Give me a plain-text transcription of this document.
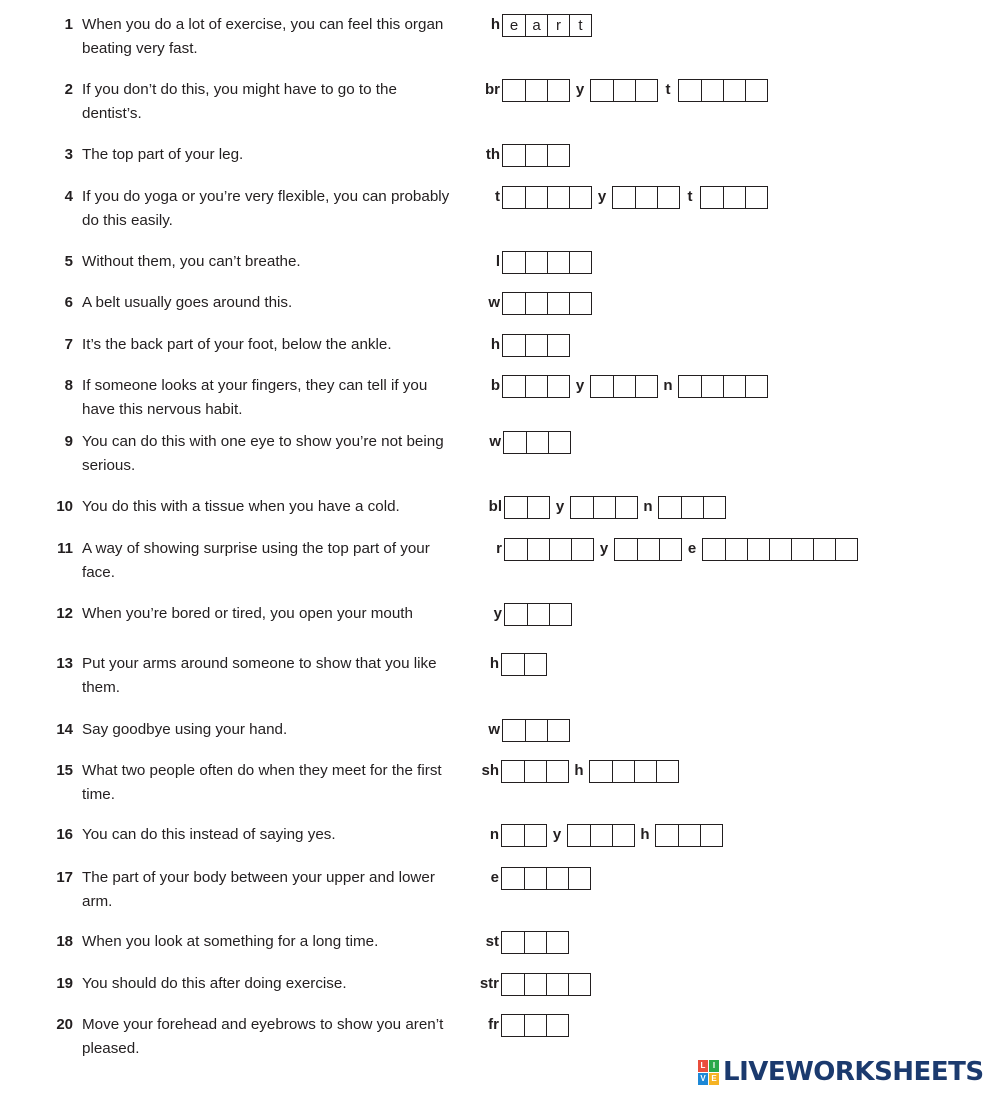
1 When you do a lot of exercise, you can feel this organ beating very fast.
h e a	r	t
2 If you don’t do this, you might have to go to the dentist’s.
br	y	t
3 The top part of your leg.	th
4 If you do yoga or you’re very flexible, you can probably do this easily.
t	y	t
5 Without them, you can’t breathe.	l
6 A belt usually goes around this.	w
7 It’s the back part of your foot, below the ankle.	h
8 If someone looks at your fingers, they can tell if you have this nervous habit.
b	y	n
9 You can do this with one eye to show you’re not being serious.
w
10 You do this with a tissue when you have a cold.	bl	y	n
11 A way of showing surprise using the top part of your face.
r	y	e
12 When you’re bored or tired, you open your mouth	y
13 Put your arms around someone to show that you like them.
h
14 Say goodbye using your hand.	w
15 What two people often do when they meet for the first time.
sh	h
16 You can do this instead of saying yes.	n	y	h
17 The part of your body between your upper and lower arm.
e
18 When you look at something for a long time.	st
19 You should do this after doing exercise.	str
20 Move your forehead and eyebrows to show you aren’t pleased.
fr
L I
V E LIVEWORKSHEETS
